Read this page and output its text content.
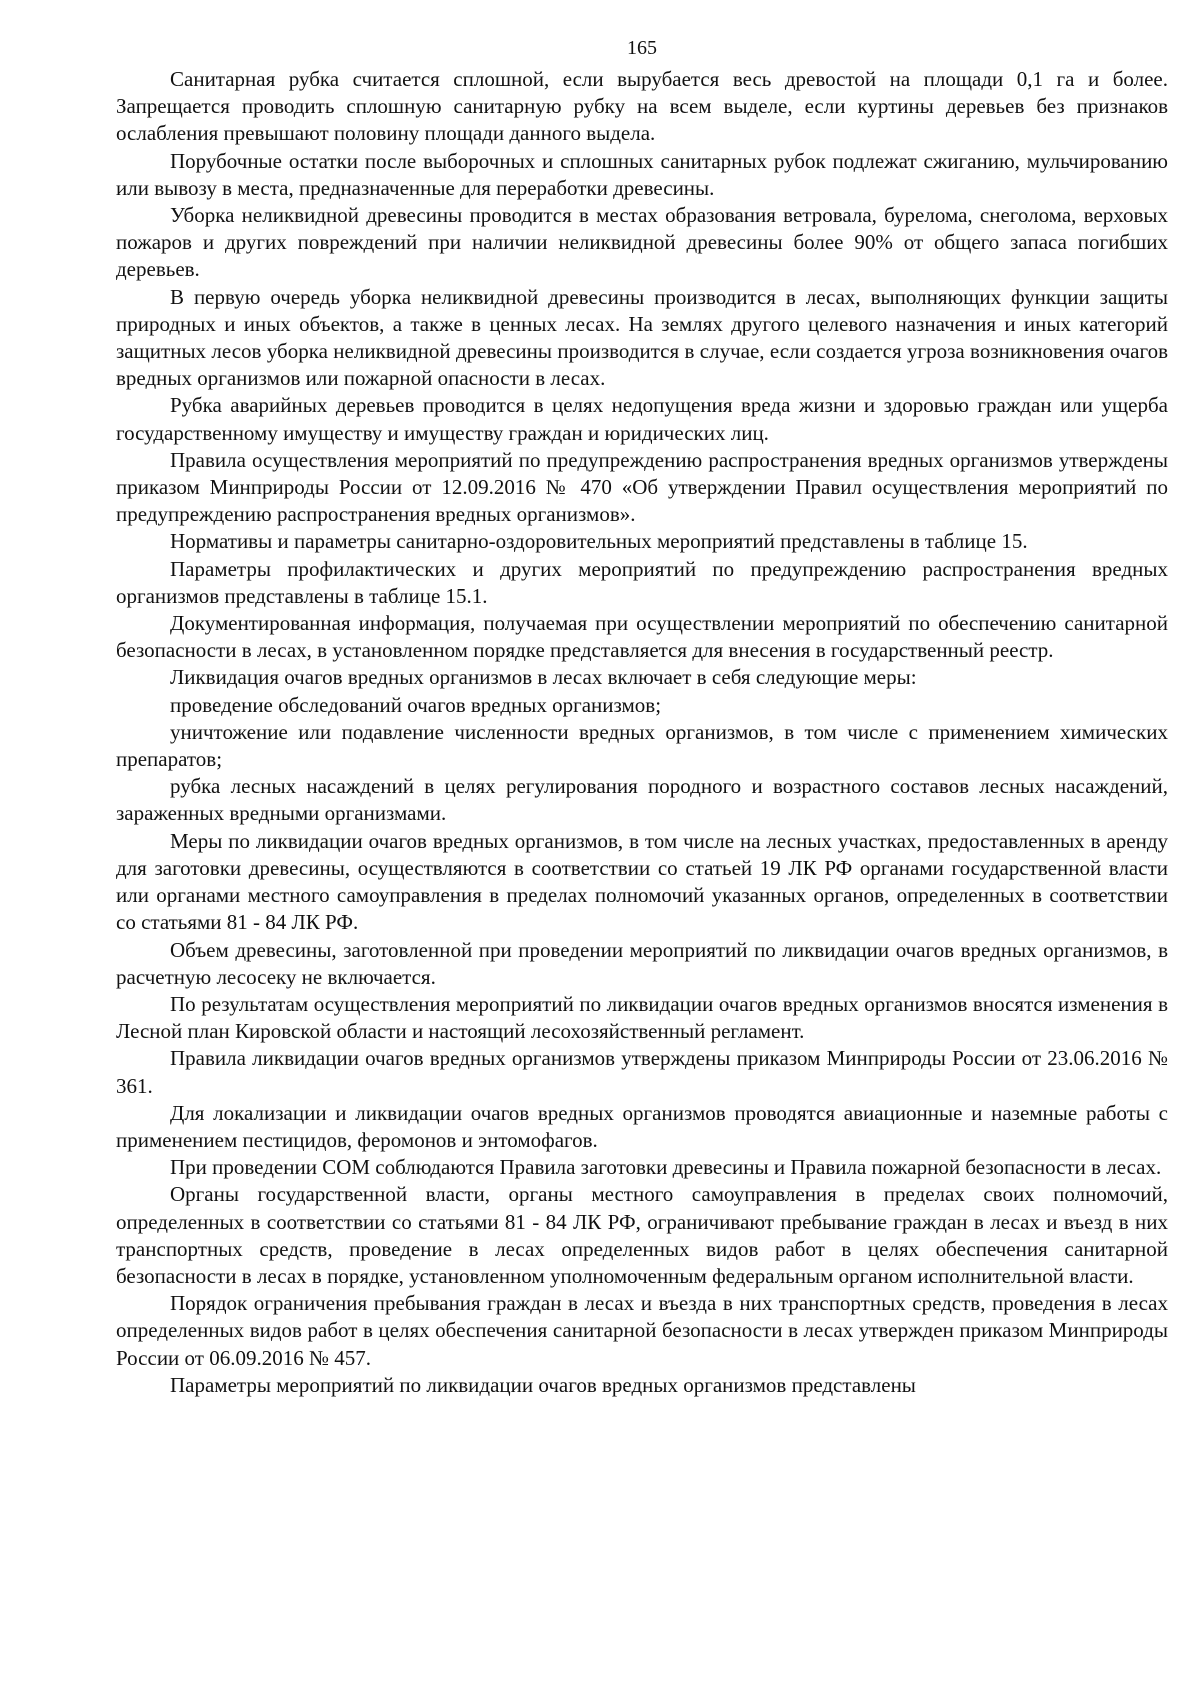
165

Санитарная рубка считается сплошной, если вырубается весь древостой на площади 0,1 га и более. Запрещается проводить сплошную санитарную рубку на всем выделе, если куртины деревьев без признаков ослабления превышают половину площади данного выдела.

Порубочные остатки после выборочных и сплошных санитарных рубок подлежат сжиганию, мульчированию или вывозу в места, предназначенные для переработки древесины.

Уборка неликвидной древесины проводится в местах образования ветровала, бурелома, снеголома, верховых пожаров и других повреждений при наличии неликвидной древесины более 90% от общего запаса погибших деревьев.

В первую очередь уборка неликвидной древесины производится в лесах, выполняющих функции защиты природных и иных объектов, а также в ценных лесах. На землях другого целевого назначения и иных категорий защитных лесов уборка неликвидной древесины производится в случае, если создается угроза возникновения очагов вредных организмов или пожарной опасности в лесах.

Рубка аварийных деревьев проводится в целях недопущения вреда жизни и здоровью граждан или ущерба государственному имуществу и имуществу граждан и юридических лиц.

Правила осуществления мероприятий по предупреждению распространения вредных организмов утверждены приказом Минприроды России от 12.09.2016 № 470 «Об утверждении Правил осуществления мероприятий по предупреждению распространения вредных организмов».

Нормативы и параметры санитарно-оздоровительных мероприятий представлены в таблице 15.

Параметры профилактических и других мероприятий по предупреждению распространения вредных организмов представлены в таблице 15.1.

Документированная информация, получаемая при осуществлении мероприятий по обеспечению санитарной безопасности в лесах, в установленном порядке представляется для внесения в государственный реестр.

Ликвидация очагов вредных организмов в лесах включает в себя следующие меры:

проведение обследований очагов вредных организмов;

уничтожение или подавление численности вредных организмов, в том числе с применением химических препаратов;

рубка лесных насаждений в целях регулирования породного и возрастного составов лесных насаждений, зараженных вредными организмами.

Меры по ликвидации очагов вредных организмов, в том числе на лесных участках, предоставленных в аренду для заготовки древесины, осуществляются в соответствии со статьей 19 ЛК РФ органами государственной власти или органами местного самоуправления в пределах полномочий указанных органов, определенных в соответствии со статьями 81 - 84 ЛК РФ.

Объем древесины, заготовленной при проведении мероприятий по ликвидации очагов вредных организмов, в расчетную лесосеку не включается.

По результатам осуществления мероприятий по ликвидации очагов вредных организмов вносятся изменения в Лесной план Кировской области и настоящий лесохозяйственный регламент.

Правила ликвидации очагов вредных организмов утверждены приказом Минприроды России от 23.06.2016 № 361.

Для локализации и ликвидации очагов вредных организмов проводятся авиационные и наземные работы с применением пестицидов, феромонов и энтомофагов.

При проведении СОМ соблюдаются Правила заготовки древесины и Правила пожарной безопасности в лесах.

Органы государственной власти, органы местного самоуправления в пределах своих полномочий, определенных в соответствии со статьями 81 - 84 ЛК РФ, ограничивают пребывание граждан в лесах и въезд в них транспортных средств, проведение в лесах определенных видов работ в целях обеспечения санитарной безопасности в лесах в порядке, установленном уполномоченным федеральным органом исполнительной власти.

Порядок ограничения пребывания граждан в лесах и въезда в них транспортных средств, проведения в лесах определенных видов работ в целях обеспечения санитарной безопасности в лесах утвержден приказом Минприроды России от 06.09.2016 № 457.

Параметры мероприятий по ликвидации очагов вредных организмов представлены
